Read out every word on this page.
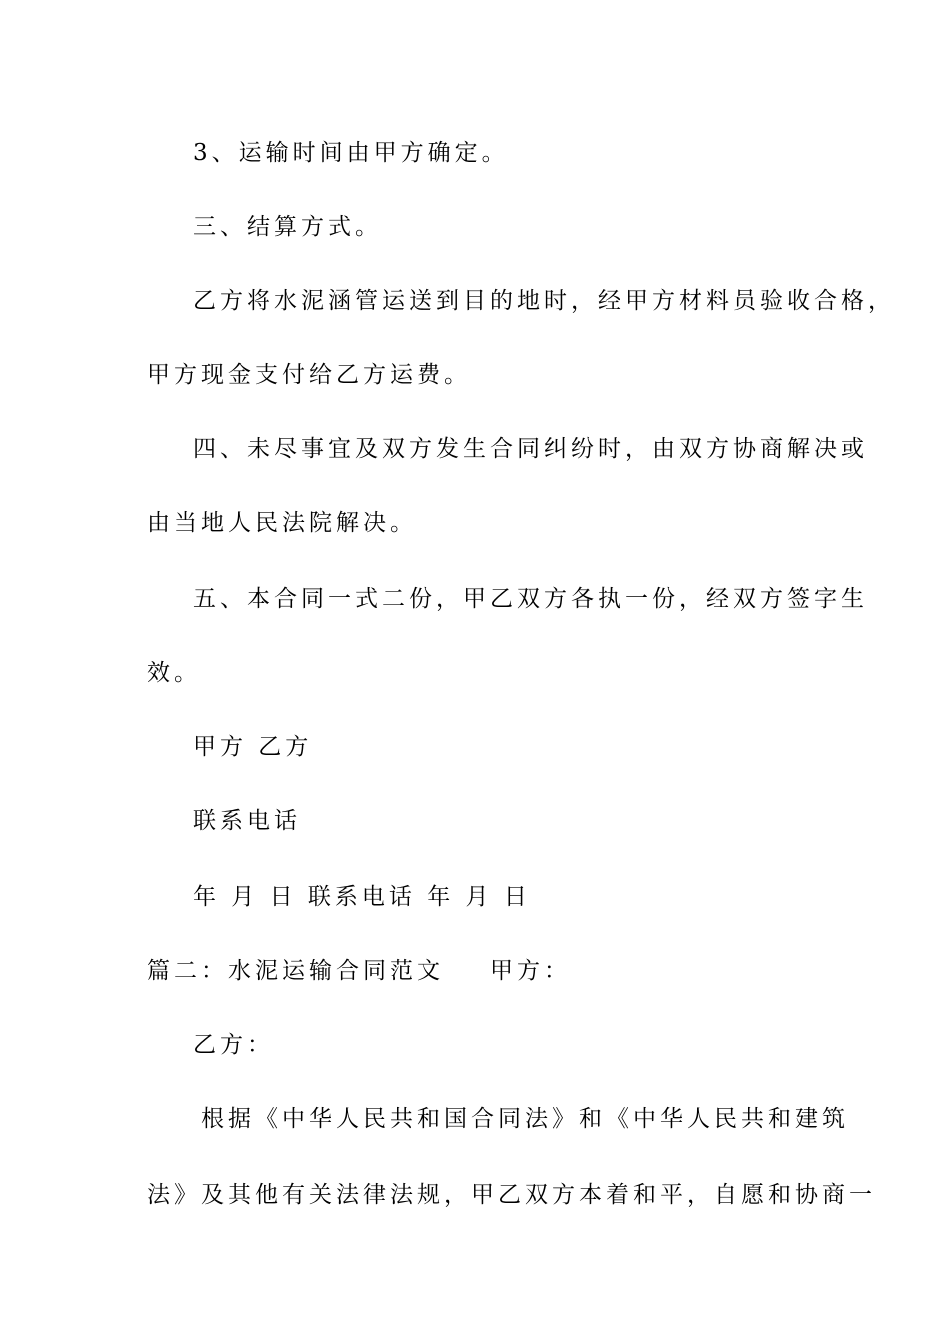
3、运输时间由甲方确定。
三、结算方式。
乙方将水泥涵管运送到目的地时，经甲方材料员验收合格，
甲方现金支付给乙方运费。
四、未尽事宜及双方发生合同纠纷时，由双方协商解决或
由当地人民法院解决。
五、本合同一式二份，甲乙双方各执一份，经双方签字生
效。
甲方 乙方
联系电话
年 月 日 联系电话 年 月 日
篇二：水泥运输合同范文 甲方：
乙方：
根据《中华人民共和国合同法》和《中华人民共和建筑
法》及其他有关法律法规，甲乙双方本着和平，自愿和协商一
